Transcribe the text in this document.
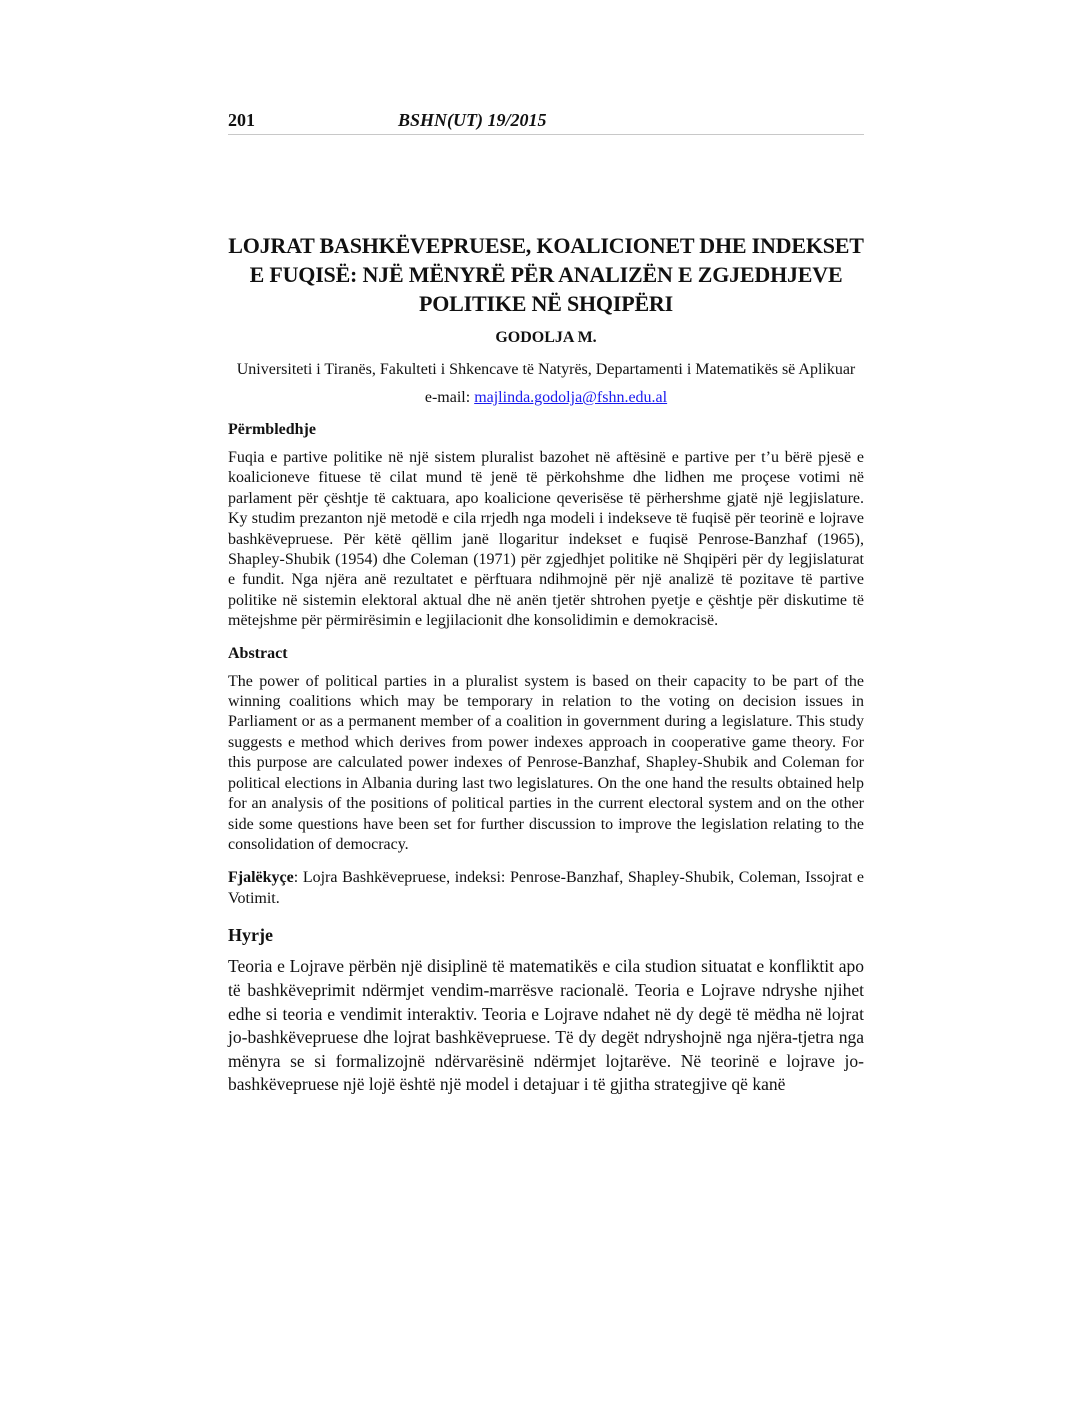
201	BSHN(UT) 19/2015
LOJRAT BASHKËVEPRUESE, KOALICIONET DHE INDEKSET E FUQISË: NJË MËNYRË PËR ANALIZËN E ZGJEDHJEVE POLITIKE NË SHQIPËRI

GODOLJA M.

Universiteti i Tiranës, Fakulteti i Shkencave të Natyrës, Departamenti i Matematikës së Aplikuar

e-mail: majlinda.godolja@fshn.edu.al

Përmbledhje

Fuqia e partive politike në një sistem pluralist bazohet në aftësinë e partive per t’u bërë pjesë e koalicioneve fituese të cilat mund të jenë të përkohshme dhe lidhen me proçese votimi në parlament për çështje të caktuara, apo koalicione qeverisëse të përhershme gjatë një legjislature. Ky studim prezanton një metodë e cila rrjedh nga modeli i indekseve të fuqisë për teorinë e lojrave bashkëvepruese. Për këtë qëllim janë llogaritur indekset e fuqisë Penrose-Banzhaf (1965), Shapley-Shubik (1954) dhe Coleman (1971) për zgjedhjet politike në Shqipëri për dy legjislaturat e fundit. Nga njëra anë rezultatet e përftuara ndihmojnë për një analizë të pozitave të partive politike në sistemin elektoral aktual dhe në anën tjetër shtrohen pyetje e çështje për diskutime të mëtejshme për përmirësimin e legjilacionit dhe konsolidimin e demokracisë.

Abstract

The power of political parties in a pluralist system is based on their capacity to be part of the winning coalitions which may be temporary in relation to the voting on decision issues in Parliament or as a permanent member of a coalition in government during a legislature. This study suggests e method which derives from power indexes approach in cooperative game theory. For this purpose are calculated power indexes of Penrose-Banzhaf, Shapley-Shubik and Coleman for political elections in Albania during last two legislatures. On the one hand the results obtained help for an analysis of the positions of political parties in the current electoral system and on the other side some questions have been set for further discussion to improve the legislation relating to the consolidation of democracy.

Fjalëkyçe: Lojra Bashkëvepruese, indeksi: Penrose-Banzhaf, Shapley-Shubik, Coleman, Issojrat e Votimit.

Hyrje

Teoria e Lojrave përbën një disiplinë të matematikës e cila studion situatat e konfliktit apo të bashkëveprimit ndërmjet vendim-marrësve racionalë. Teoria e Lojrave ndryshe njihet edhe si teoria e vendimit interaktiv. Teoria e Lojrave ndahet në dy degë të mëdha në lojrat jo-bashkëvepruese dhe lojrat bashkëvepruese. Të dy degët ndryshojnë nga njëra-tjetra nga mënyra se si formalizojnë ndërvarësinë ndërmjet lojtarëve. Në teorinë e lojrave jo-bashkëvepruese një lojë është një model i detajuar i të gjitha strategjive që kanë
